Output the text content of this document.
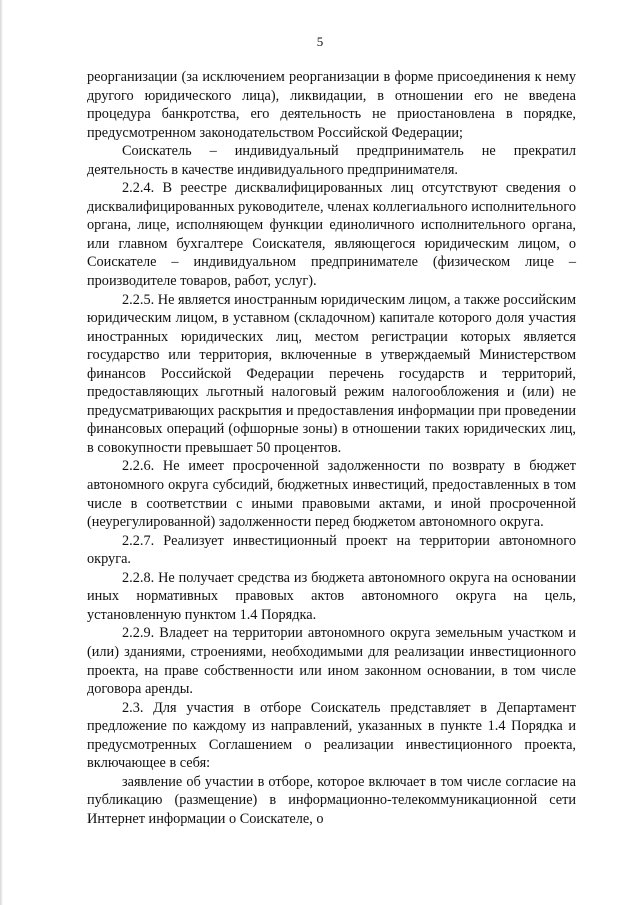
5

реорганизации (за исключением реорганизации в форме присоединения к нему другого юридического лица), ликвидации, в отношении его не введена процедура банкротства, его деятельность не приостановлена в порядке, предусмотренном законодательством Российской Федерации;

Соискатель – индивидуальный предприниматель не прекратил деятельность в качестве индивидуального предпринимателя.

2.2.4. В реестре дисквалифицированных лиц отсутствуют сведения о дисквалифицированных руководителе, членах коллегиального исполнительного органа, лице, исполняющем функции единоличного исполнительного органа, или главном бухгалтере Соискателя, являющегося юридическим лицом, о Соискателе – индивидуальном предпринимателе (физическом лице – производителе товаров, работ, услуг).

2.2.5. Не является иностранным юридическим лицом, а также российским юридическим лицом, в уставном (складочном) капитале которого доля участия иностранных юридических лиц, местом регистрации которых является государство или территория, включенные в утверждаемый Министерством финансов Российской Федерации перечень государств и территорий, предоставляющих льготный налоговый режим налогообложения и (или) не предусматривающих раскрытия и предоставления информации при проведении финансовых операций (офшорные зоны) в отношении таких юридических лиц, в совокупности превышает 50 процентов.

2.2.6. Не имеет просроченной задолженности по возврату в бюджет автономного округа субсидий, бюджетных инвестиций, предоставленных в том числе в соответствии с иными правовыми актами, и иной просроченной (неурегулированной) задолженности перед бюджетом автономного округа.

2.2.7. Реализует инвестиционный проект на территории автономного округа.

2.2.8. Не получает средства из бюджета автономного округа на основании иных нормативных правовых актов автономного округа на цель, установленную пунктом 1.4 Порядка.

2.2.9. Владеет на территории автономного округа земельным участком и (или) зданиями, строениями, необходимыми для реализации инвестиционного проекта, на праве собственности или ином законном основании, в том числе договора аренды.

2.3. Для участия в отборе Соискатель представляет в Департамент предложение по каждому из направлений, указанных в пункте 1.4 Порядка и предусмотренных Соглашением о реализации инвестиционного проекта, включающее в себя:

заявление об участии в отборе, которое включает в том числе согласие на публикацию (размещение) в информационно-телекоммуникационной сети Интернет информации о Соискателе, о
